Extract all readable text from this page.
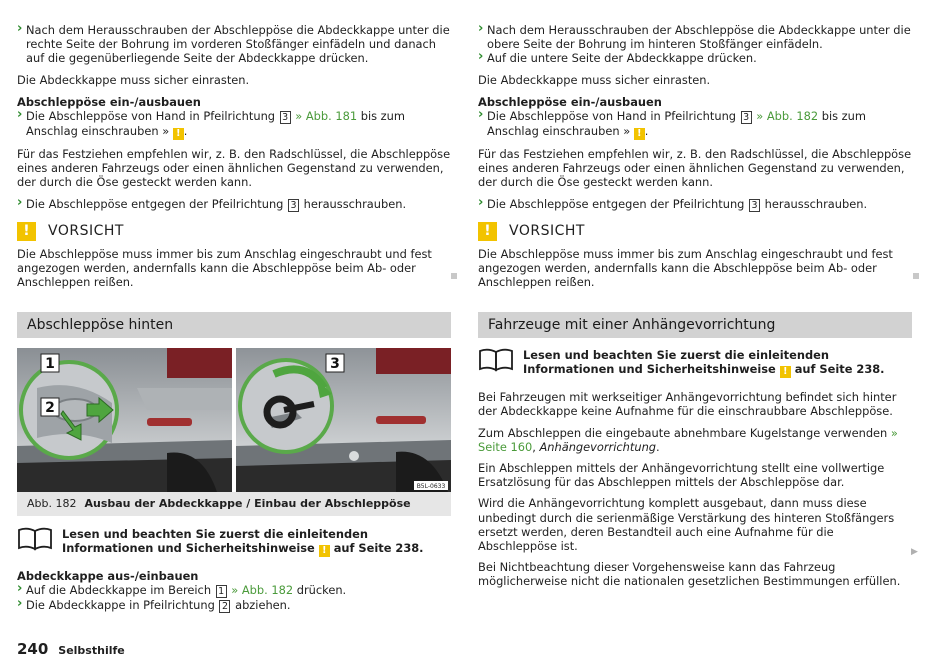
› Nach dem Herausschrauben der Abschleppöse die Abdeckkappe unter die rechte Seite der Bohrung im vorderen Stoßfänger einfädeln und danach auf die gegenüberliegende Seite der Abdeckkappe drücken.

Die Abdeckkappe muss sicher einrasten.

Abschleppöse ein-/ausbauen

› Die Abschleppöse von Hand in Pfeilrichtung 3 » Abb. 181 bis zum Anschlag einschrauben » ! .

Für das Festziehen empfehlen wir, z. B. den Radschlüssel, die Abschleppöse eines anderen Fahrzeugs oder einen ähnlichen Gegenstand zu verwenden, der durch die Öse gesteckt werden kann.

› Die Abschleppöse entgegen der Pfeilrichtung 3 herausschrauben.

!	VORSICHT

Die Abschleppöse muss immer bis zum Anschlag eingeschraubt und fest angezogen werden, andernfalls kann die Abschleppöse beim Ab- oder Anschleppen reißen.

Abschleppöse hinten
1
2
3
B5L-0633
Abb. 182 Ausbau der Abdeckkappe / Einbau der Abschleppöse
Lesen und beachten Sie zuerst die einleitenden Informationen und Sicherheitshinweise ! auf Seite 238.

Abdeckkappe aus-/einbauen

› Auf die Abdeckkappe im Bereich 1 » Abb. 182 drücken.

› Die Abdeckkappe in Pfeilrichtung 2 abziehen.

› Nach dem Herausschrauben der Abschleppöse die Abdeckkappe unter die obere Seite der Bohrung im hinteren Stoßfänger einfädeln.

› Auf die untere Seite der Abdeckkappe drücken.

Die Abdeckkappe muss sicher einrasten.

Abschleppöse ein-/ausbauen

› Die Abschleppöse von Hand in Pfeilrichtung 3 » Abb. 182 bis zum Anschlag einschrauben » ! .

Für das Festziehen empfehlen wir, z. B. den Radschlüssel, die Abschleppöse eines anderen Fahrzeugs oder einen ähnlichen Gegenstand zu verwenden, der durch die Öse gesteckt werden kann.

› Die Abschleppöse entgegen der Pfeilrichtung 3 herausschrauben.

!	VORSICHT

Die Abschleppöse muss immer bis zum Anschlag eingeschraubt und fest angezogen werden, andernfalls kann die Abschleppöse beim Ab- oder Anschleppen reißen.

Fahrzeuge mit einer Anhängevorrichtung
Lesen und beachten Sie zuerst die einleitenden Informationen und Sicherheitshinweise ! auf Seite 238.

Bei Fahrzeugen mit werkseitiger Anhängevorrichtung befindet sich hinter der Abdeckkappe keine Aufnahme für die einschraubbare Abschleppöse.

Zum Abschleppen die eingebaute abnehmbare Kugelstange verwenden » Seite 160, Anhängevorrichtung.

Ein Abschleppen mittels der Anhängevorrichtung stellt eine vollwertige Ersatzlösung für das Abschleppen mittels der Abschleppöse dar.

Wird die Anhängevorrichtung komplett ausgebaut, dann muss diese unbedingt durch die serienmäßige Verstärkung des hinteren Stoßfängers ersetzt werden, deren Bestandteil auch eine Aufnahme für die Abschleppöse ist.

Bei Nichtbeachtung dieser Vorgehensweise kann das Fahrzeug möglicherweise nicht die nationalen gesetzlichen Bestimmungen erfüllen.

▶
240 Selbsthilfe
